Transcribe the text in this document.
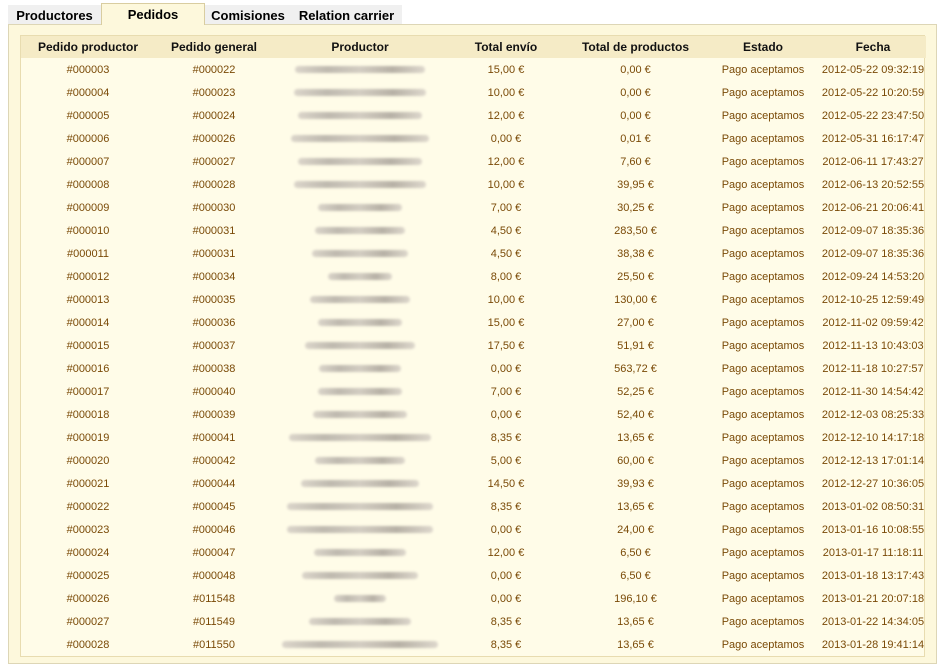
Productores	Pedidos	Comisiones	Relation carrier
Pedido productor	Pedido general	Productor	Total envío	Total de productos	Estado	Fecha
#000003	#000022		15,00 €	0,00 €	Pago aceptamos	2012-05-22 09:32:19
#000004	#000023		10,00 €	0,00 €	Pago aceptamos	2012-05-22 10:20:59
#000005	#000024		12,00 €	0,00 €	Pago aceptamos	2012-05-22 23:47:50
#000006	#000026		0,00 €	0,01 €	Pago aceptamos	2012-05-31 16:17:47
#000007	#000027		12,00 €	7,60 €	Pago aceptamos	2012-06-11 17:43:27
#000008	#000028		10,00 €	39,95 €	Pago aceptamos	2012-06-13 20:52:55
#000009	#000030		7,00 €	30,25 €	Pago aceptamos	2012-06-21 20:06:41
#000010	#000031		4,50 €	283,50 €	Pago aceptamos	2012-09-07 18:35:36
#000011	#000031		4,50 €	38,38 €	Pago aceptamos	2012-09-07 18:35:36
#000012	#000034		8,00 €	25,50 €	Pago aceptamos	2012-09-24 14:53:20
#000013	#000035		10,00 €	130,00 €	Pago aceptamos	2012-10-25 12:59:49
#000014	#000036		15,00 €	27,00 €	Pago aceptamos	2012-11-02 09:59:42
#000015	#000037		17,50 €	51,91 €	Pago aceptamos	2012-11-13 10:43:03
#000016	#000038		0,00 €	563,72 €	Pago aceptamos	2012-11-18 10:27:57
#000017	#000040		7,00 €	52,25 €	Pago aceptamos	2012-11-30 14:54:42
#000018	#000039		0,00 €	52,40 €	Pago aceptamos	2012-12-03 08:25:33
#000019	#000041		8,35 €	13,65 €	Pago aceptamos	2012-12-10 14:17:18
#000020	#000042		5,00 €	60,00 €	Pago aceptamos	2012-12-13 17:01:14
#000021	#000044		14,50 €	39,93 €	Pago aceptamos	2012-12-27 10:36:05
#000022	#000045		8,35 €	13,65 €	Pago aceptamos	2013-01-02 08:50:31
#000023	#000046		0,00 €	24,00 €	Pago aceptamos	2013-01-16 10:08:55
#000024	#000047		12,00 €	6,50 €	Pago aceptamos	2013-01-17 11:18:11
#000025	#000048		0,00 €	6,50 €	Pago aceptamos	2013-01-18 13:17:43
#000026	#011548		0,00 €	196,10 €	Pago aceptamos	2013-01-21 20:07:18
#000027	#011549		8,35 €	13,65 €	Pago aceptamos	2013-01-22 14:34:05
#000028	#011550		8,35 €	13,65 €	Pago aceptamos	2013-01-28 19:41:14
